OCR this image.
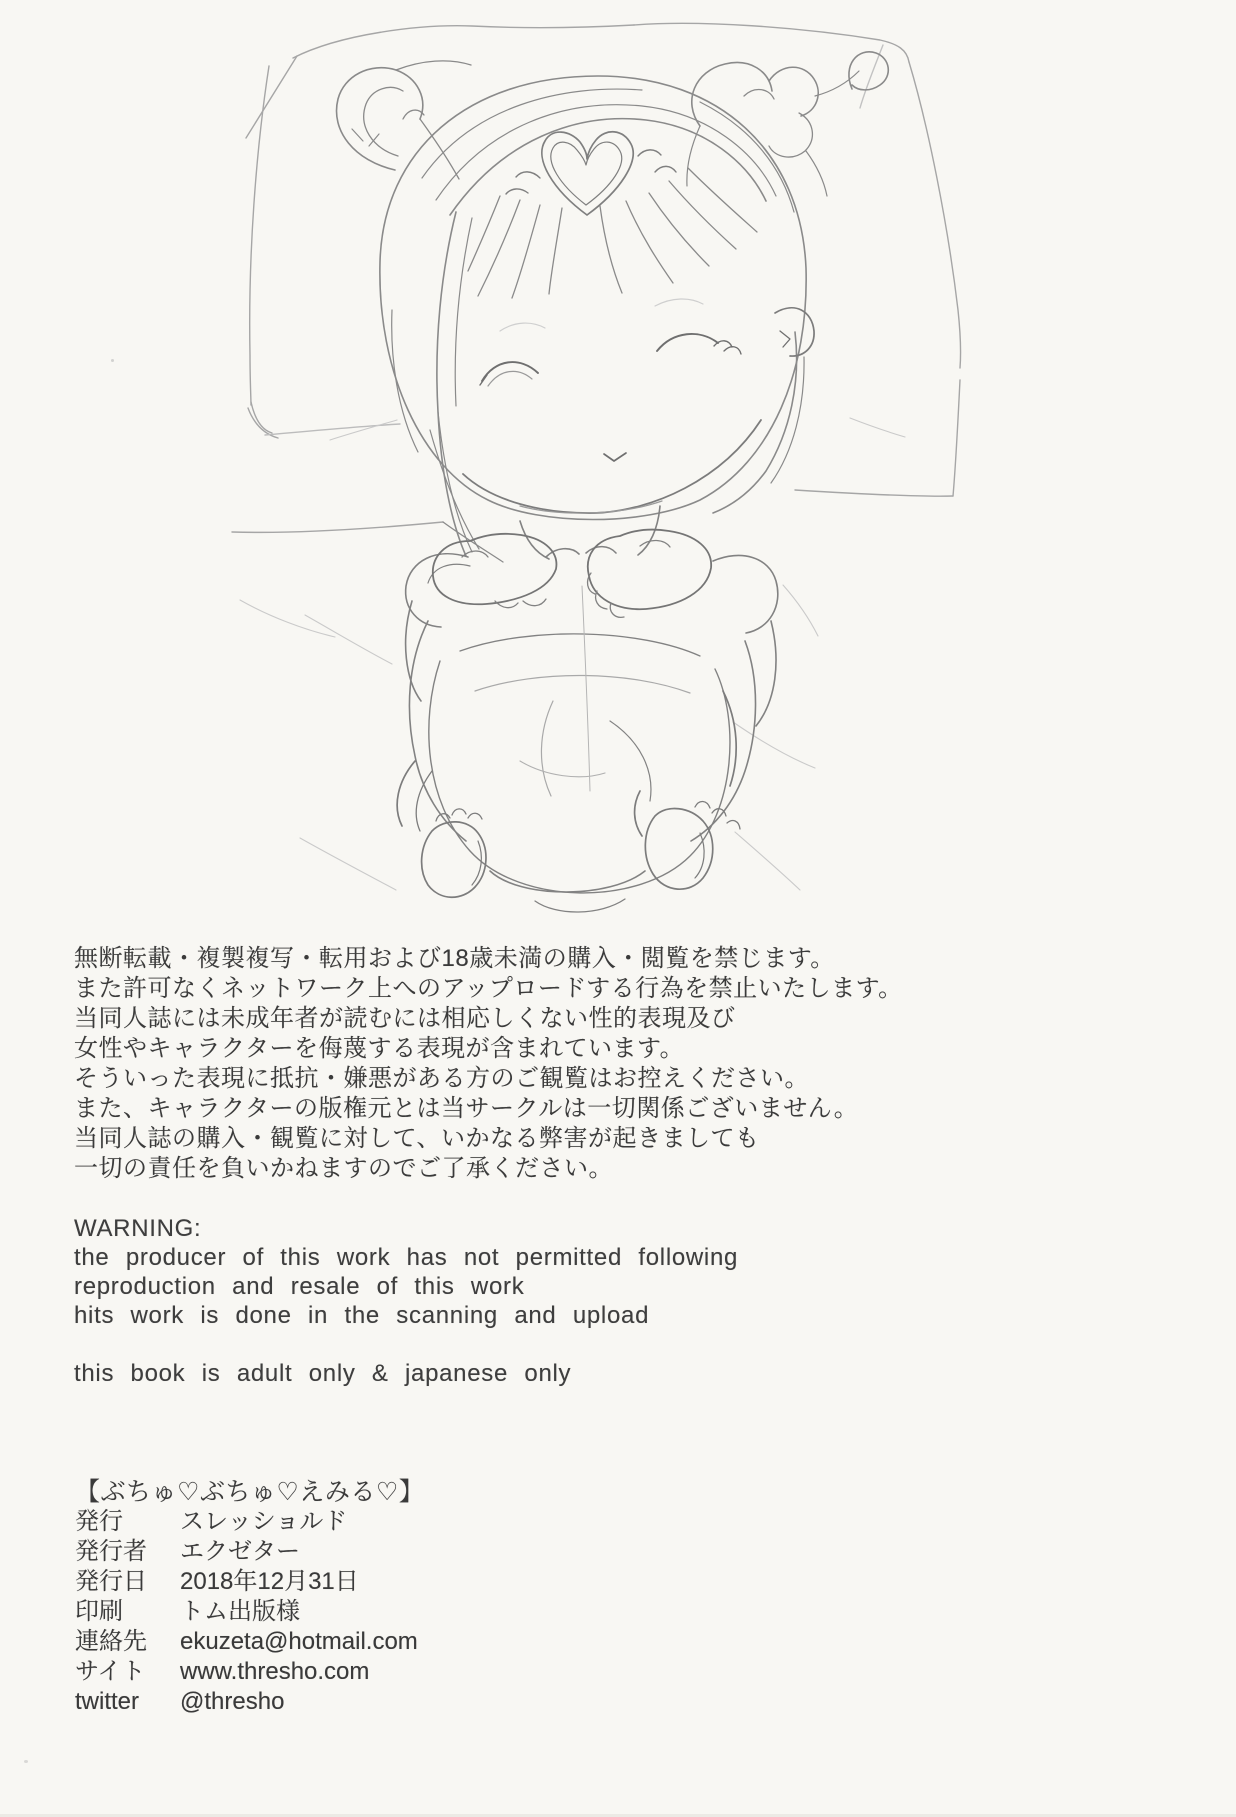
無断転載・複製複写・転用および18歳未満の購入・閲覧を禁じます。
また許可なくネットワーク上へのアップロードする行為を禁止いたします。
当同人誌には未成年者が読むには相応しくない性的表現及び
女性やキャラクターを侮蔑する表現が含まれています。
そういった表現に抵抗・嫌悪がある方のご観覧はお控えください。
また、キャラクターの版権元とは当サークルは一切関係ございません。
当同人誌の購入・観覧に対して、いかなる弊害が起きましても
一切の責任を負いかねますのでご了承ください。
WARNING:
the producer of this work has not permitted following
reproduction and resale of this work
hits work is done in the scanning and upload
this book is adult only & japanese only
【ぶちゅ♡ぶちゅ♡えみる♡】
発行	スレッショルド
発行者	エクゼター
発行日	2018年12月31日
印刷	トム出版様
連絡先	ekuzeta@hotmail.com
サイト	www.thresho.com
twitter	@thresho
